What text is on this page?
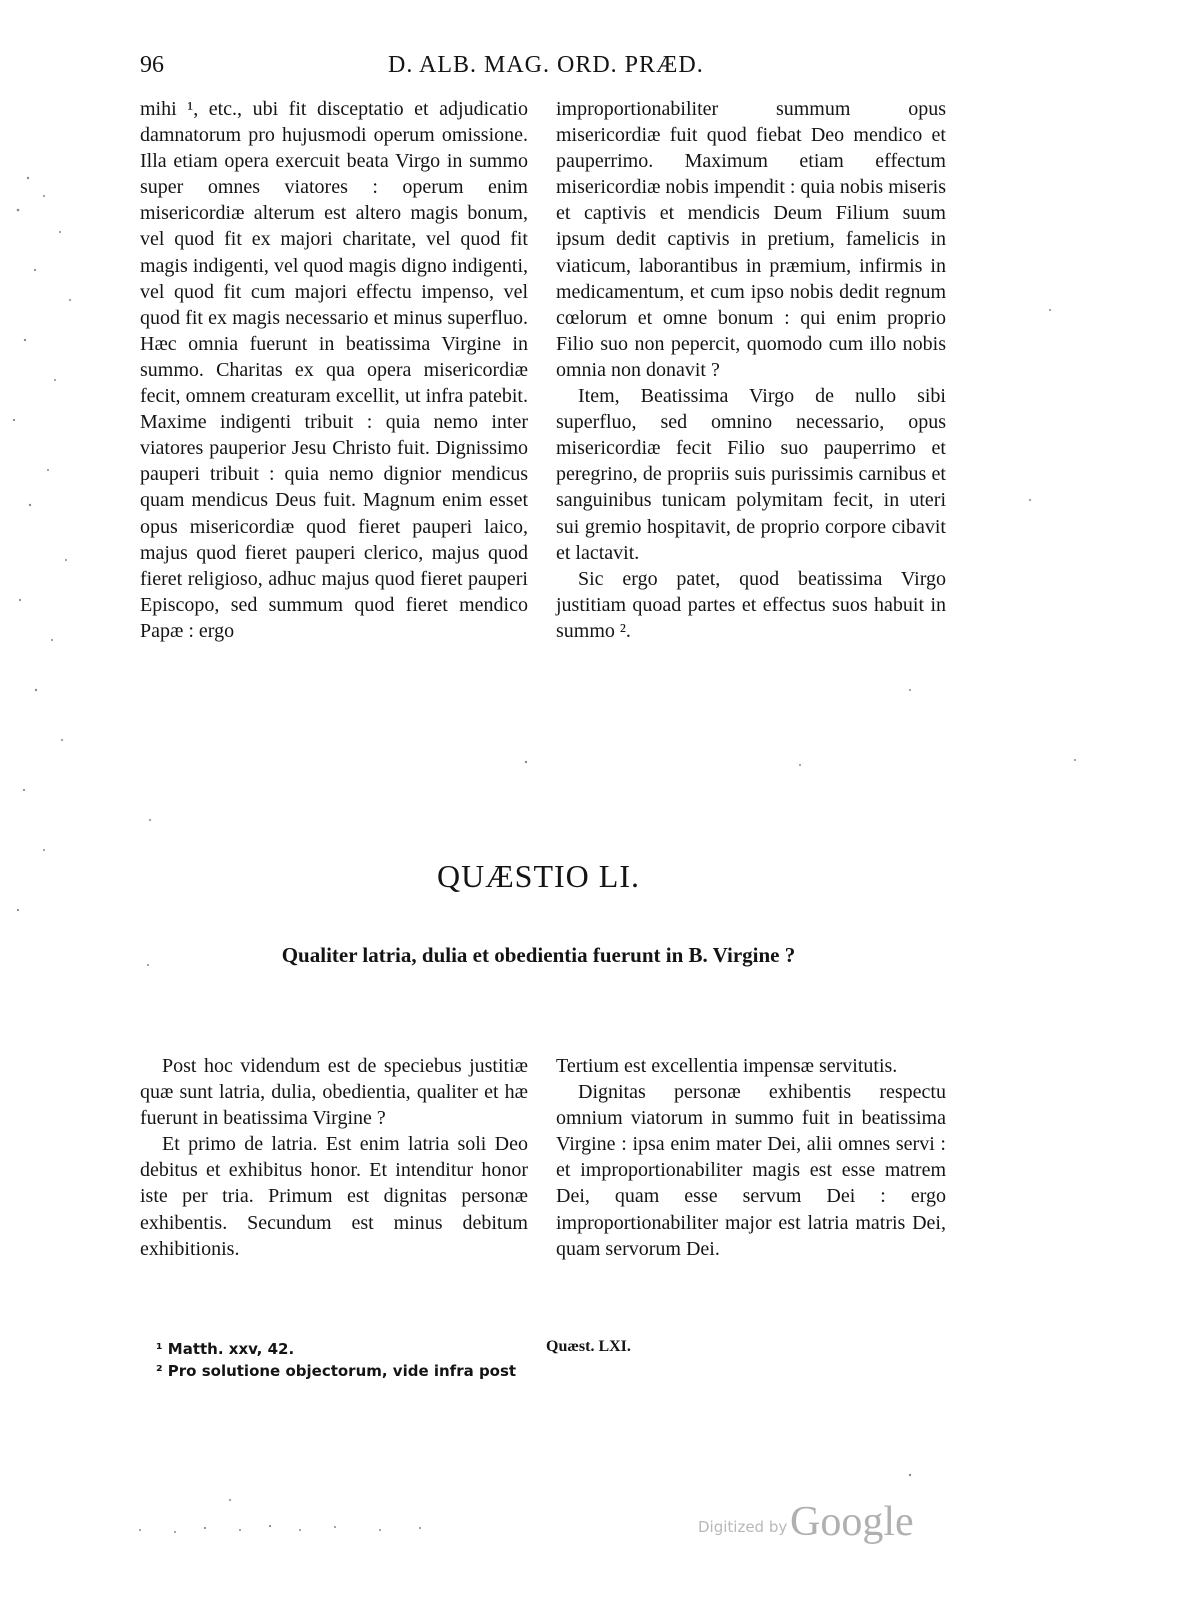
96	D. ALB. MAG. ORD. PRÆD.

mihi ¹, etc., ubi fit disceptatio et adjudicatio damnatorum pro hujusmodi operum omissione. Illa etiam opera exercuit beata Virgo in summo super omnes viatores : operum enim misericordiæ alterum est altero magis bonum, vel quod fit ex majori charitate, vel quod fit magis indigenti, vel quod magis digno indigenti, vel quod fit cum majori effectu impenso, vel quod fit ex magis necessario et minus superfluo. Hæc omnia fuerunt in beatissima Virgine in summo. Charitas ex qua opera misericordiæ fecit, omnem creaturam excellit, ut infra patebit. Maxime indigenti tribuit : quia nemo inter viatores pauperior Jesu Christo fuit. Dignissimo pauperi tribuit : quia nemo dignior mendicus quam mendicus Deus fuit. Magnum enim esset opus misericordiæ quod fieret pauperi laico, majus quod fieret pauperi clerico, majus quod fieret religioso, adhuc majus quod fieret pauperi Episcopo, sed summum quod fieret mendico Papæ : ergo

improportionabiliter summum opus misericordiæ fuit quod fiebat Deo mendico et pauperrimo. Maximum etiam effectum misericordiæ nobis impendit : quia nobis miseris et captivis et mendicis Deum Filium suum ipsum dedit captivis in pretium, famelicis in viaticum, laborantibus in præmium, infirmis in medicamentum, et cum ipso nobis dedit regnum cœlorum et omne bonum : qui enim proprio Filio suo non pepercit, quomodo cum illo nobis omnia non donavit ?

Item, Beatissima Virgo de nullo sibi superfluo, sed omnino necessario, opus misericordiæ fecit Filio suo pauperrimo et peregrino, de propriis suis purissimis carnibus et sanguinibus tunicam polymitam fecit, in uteri sui gremio hospitavit, de proprio corpore cibavit et lactavit.

Sic ergo patet, quod beatissima Virgo justitiam quoad partes et effectus suos habuit in summo ².

QUÆSTIO LI.
Qualiter latria, dulia et obedientia fuerunt in B. Virgine ?

Post hoc videndum est de speciebus justitiæ quæ sunt latria, dulia, obedientia, qualiter et hæ fuerunt in beatissima Virgine ?

Et primo de latria. Est enim latria soli Deo debitus et exhibitus honor. Et intenditur honor iste per tria. Primum est dignitas personæ exhibentis. Secundum est minus debitum exhibitionis.

Tertium est excellentia impensæ servitutis.

Dignitas personæ exhibentis respectu omnium viatorum in summo fuit in beatissima Virgine : ipsa enim mater Dei, alii omnes servi : et improportionabiliter magis est esse matrem Dei, quam esse servum Dei : ergo improportionabiliter major est latria matris Dei, quam servorum Dei.

¹ Matth. xxv, 42.

² Pro solutione objectorum, vide infra post

Quæst. LXI.
Digitized by Google
